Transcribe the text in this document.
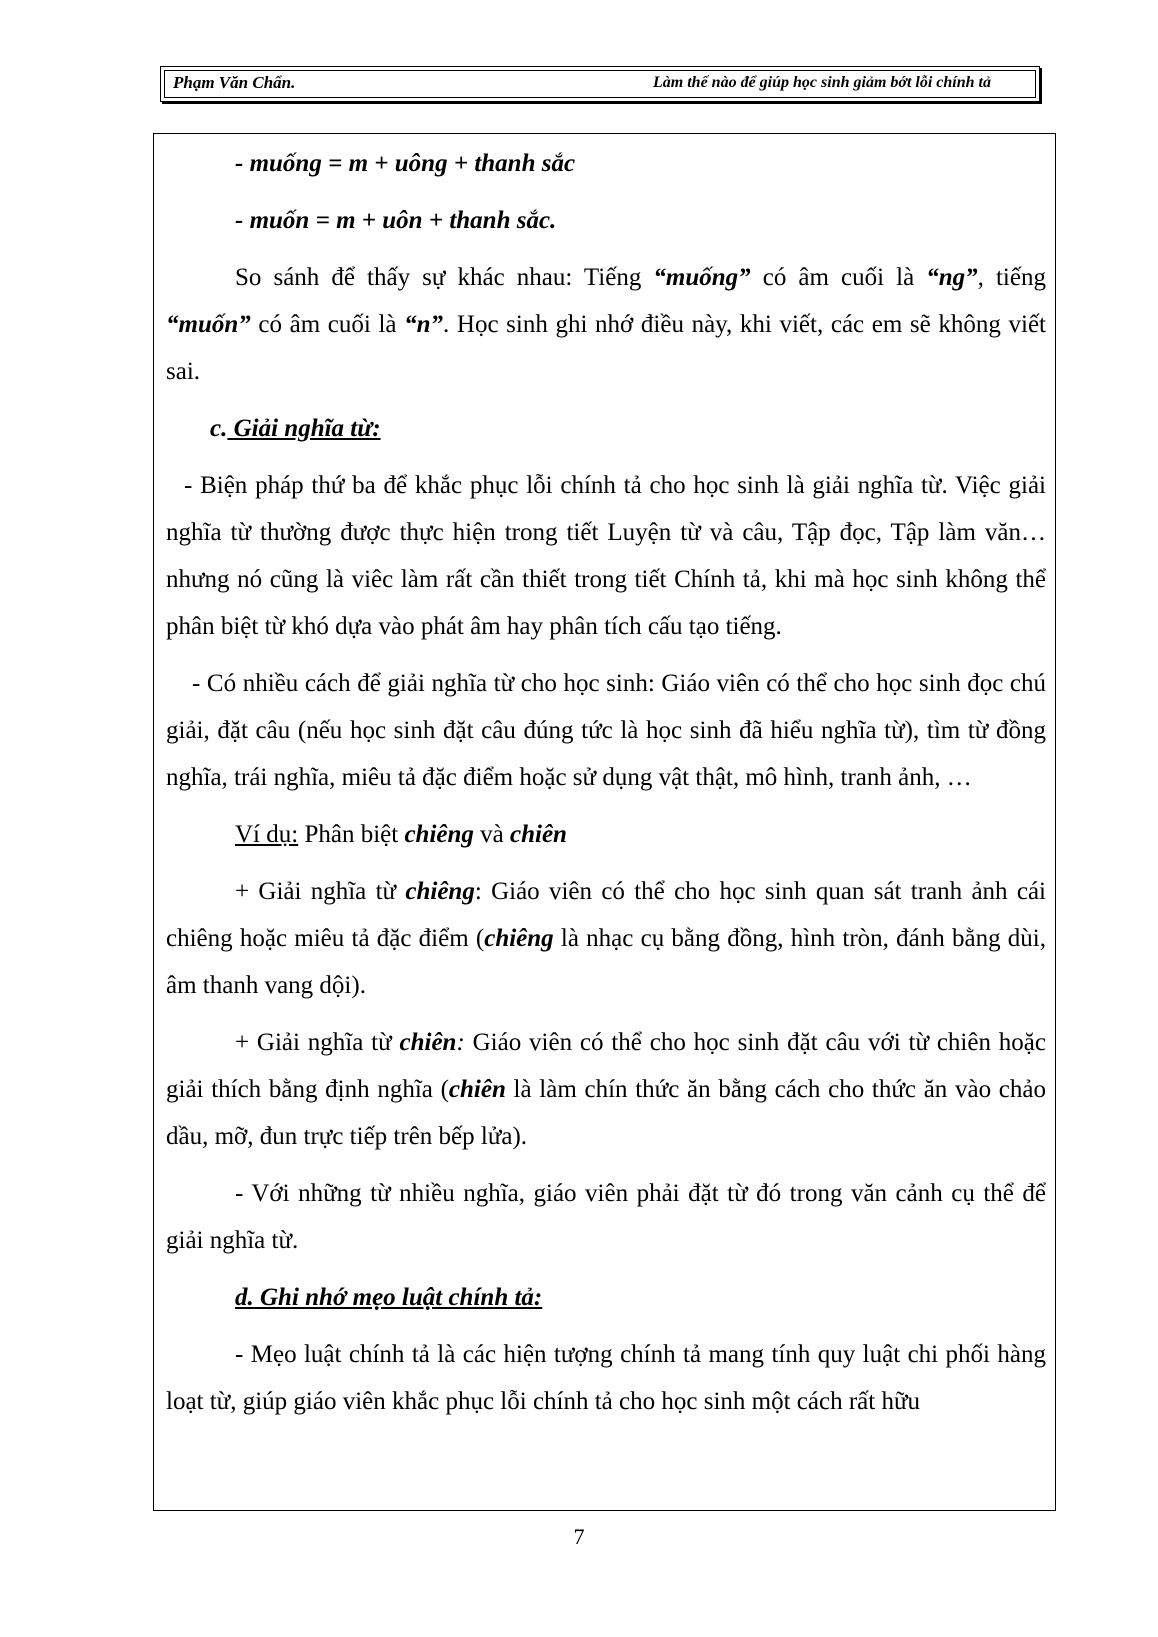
Phạm Văn Chẩn.	Làm thế nào để giúp học sinh giảm bớt lỗi chính tả

- muống = m + uông + thanh sắc

- muốn = m + uôn + thanh sắc.

So sánh để thấy sự khác nhau: Tiếng “muống” có âm cuối là “ng”, tiếng “muốn” có âm cuối là “n”. Học sinh ghi nhớ điều này, khi viết, các em sẽ không viết sai.

c. Giải nghĩa từ:

- Biện pháp thứ ba để khắc phục lỗi chính tả cho học sinh là giải nghĩa từ. Việc giải nghĩa từ thường được thực hiện trong tiết Luyện từ và câu, Tập đọc, Tập làm văn… nhưng nó cũng là viêc làm rất cần thiết trong tiết Chính tả, khi mà học sinh không thể phân biệt từ khó dựa vào phát âm hay phân tích cấu tạo tiếng.

- Có nhiều cách để giải nghĩa từ cho học sinh: Giáo viên có thể cho học sinh đọc chú giải, đặt câu (nếu học sinh đặt câu đúng tức là học sinh đã hiểu nghĩa từ), tìm từ đồng nghĩa, trái nghĩa, miêu tả đặc điểm hoặc sử dụng vật thật, mô hình, tranh ảnh, …

Ví dụ: Phân biệt chiêng và chiên

+ Giải nghĩa từ chiêng: Giáo viên có thể cho học sinh quan sát tranh ảnh cái chiêng hoặc miêu tả đặc điểm (chiêng là nhạc cụ bằng đồng, hình tròn, đánh bằng dùi, âm thanh vang dội).

+ Giải nghĩa từ chiên: Giáo viên có thể cho học sinh đặt câu với từ chiên hoặc giải thích bằng định nghĩa (chiên là làm chín thức ăn bằng cách cho thức ăn vào chảo dầu, mỡ, đun trực tiếp trên bếp lửa).

- Với những từ nhiều nghĩa, giáo viên phải đặt từ đó trong văn cảnh cụ thể để giải nghĩa từ.

d. Ghi nhớ mẹo luật chính tả:

- Mẹo luật chính tả là các hiện tượng chính tả mang tính quy luật chi phối hàng loạt từ, giúp giáo viên khắc phục lỗi chính tả cho học sinh một cách rất hữu

7
